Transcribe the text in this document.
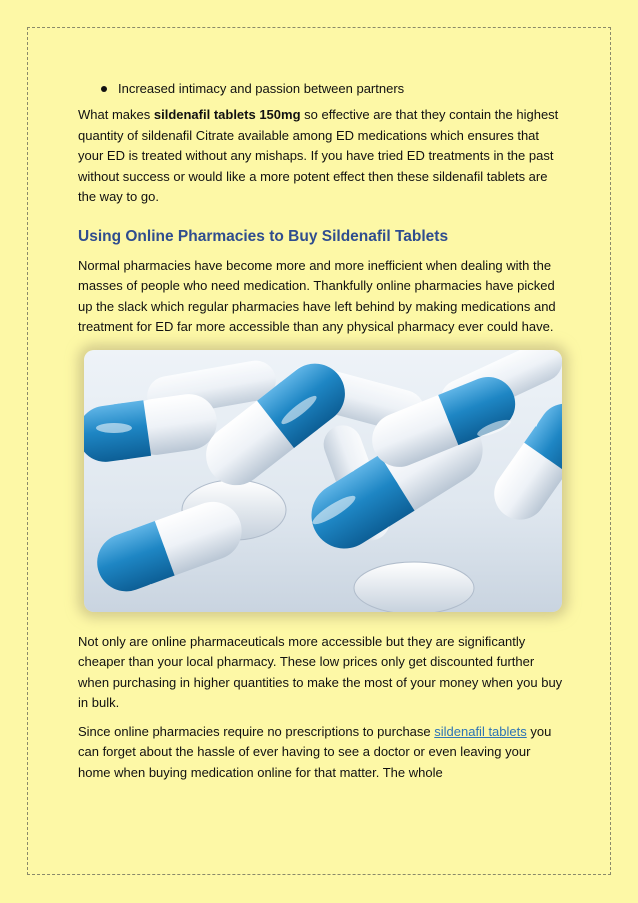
Increased intimacy and passion between partners

What makes sildenafil tablets 150mg so effective are that they contain the highest quantity of sildenafil Citrate available among ED medications which ensures that your ED is treated without any mishaps. If you have tried ED treatments in the past without success or would like a more potent effect then these sildenafil tablets are the way to go.

Using Online Pharmacies to Buy Sildenafil Tablets

Normal pharmacies have become more and more inefficient when dealing with the masses of people who need medication. Thankfully online pharmacies have picked up the slack which regular pharmacies have left behind by making medications and treatment for ED far more accessible than any physical pharmacy ever could have.

Not only are online pharmaceuticals more accessible but they are significantly cheaper than your local pharmacy. These low prices only get discounted further when purchasing in higher quantities to make the most of your money when you buy in bulk.

Since online pharmacies require no prescriptions to purchase sildenafil tablets you can forget about the hassle of ever having to see a doctor or even leaving your home when buying medication online for that matter. The whole
